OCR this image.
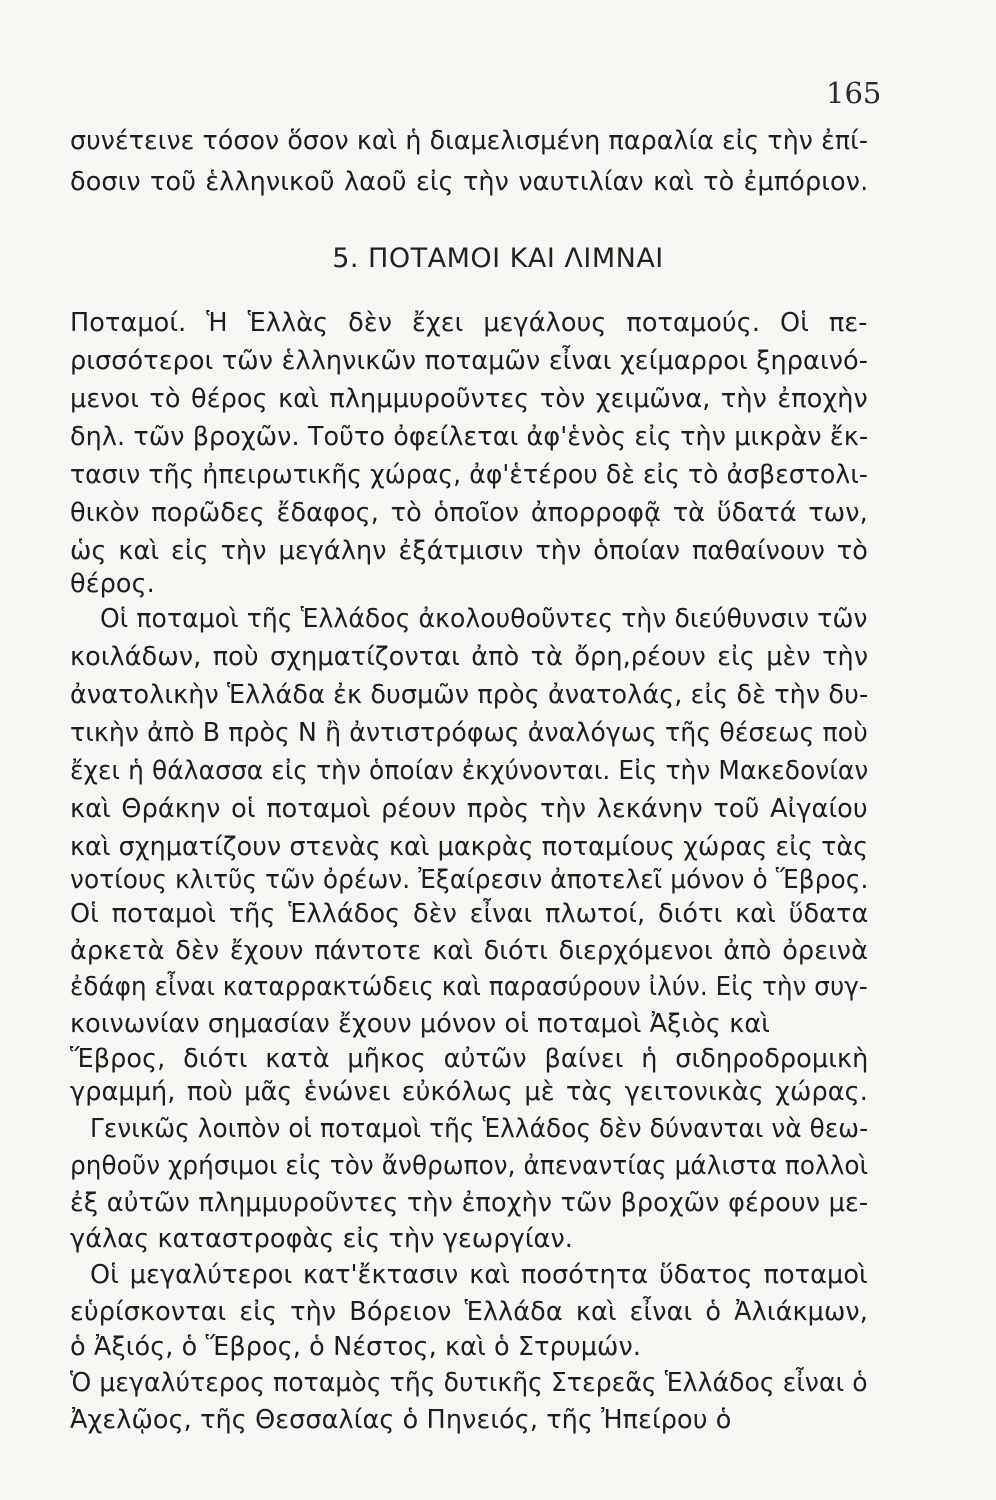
165
συνέτεινε τόσον ὅσον καὶ ἡ διαμελισμένη παραλία εἰς τὴν ἐπί-
δοσιν τοῦ ἑλληνικοῦ λαοῦ εἰς τὴν ναυτιλίαν καὶ τὸ ἐμπόριον.
5. ΠΟΤΑΜΟΙ ΚΑΙ ΛΙΜΝΑΙ
Ποταμοί. Ἡ Ἑλλὰς δὲν ἔχει μεγάλους ποταμούς. Οἱ πε-
ρισσότεροι τῶν ἑλληνικῶν ποταμῶν εἶναι χείμαρροι ξηραινό-
μενοι τὸ θέρος καὶ πλημμυροῦντες τὸν χειμῶνα, τὴν ἐποχὴν
δηλ. τῶν βροχῶν. Τοῦτο ὀφείλεται ἀφ'ἑνὸς εἰς τὴν μικρὰν ἔκ-
τασιν τῆς ἠπειρωτικῆς χώρας, ἀφ'ἑτέρου δὲ εἰς τὸ ἀσβεστολι-
θικὸν πορῶδες ἔδαφος, τὸ ὁποῖον ἀπορροφᾷ τὰ ὕδατά των,
ὡς καὶ εἰς τὴν μεγάλην ἐξάτμισιν τὴν ὁποίαν παθαίνουν τὸ
θέρος.
Οἱ ποταμοὶ τῆς Ἑλλάδος ἀκολουθοῦντες τὴν διεύθυνσιν τῶν
κοιλάδων, ποὺ σχηματίζονται ἀπὸ τὰ ὄρη,ρέουν εἰς μὲν τὴν
ἀνατολικὴν Ἑλλάδα ἐκ δυσμῶν πρὸς ἀνατολάς, εἰς δὲ τὴν δυ-
τικὴν ἀπὸ Β πρὸς Ν ἢ ἀντιστρόφως ἀναλόγως τῆς θέσεως ποὺ
ἔχει ἡ θάλασσα εἰς τὴν ὁποίαν ἐκχύνονται. Εἰς τὴν Μακεδονίαν
καὶ Θράκην οἱ ποταμοὶ ρέουν πρὸς τὴν λεκάνην τοῦ Αἰγαίου
καὶ σχηματίζουν στενὰς καὶ μακρὰς ποταμίους χώρας εἰς τὰς
νοτίους κλιτῦς τῶν ὀρέων. Ἐξαίρεσιν ἀποτελεῖ μόνον ὁ Ἕβρος.
Οἱ ποταμοὶ τῆς Ἑλλάδος δὲν εἶναι πλωτοί, διότι καὶ ὕδατα
ἀρκετὰ δὲν ἔχουν πάντοτε καὶ διότι διερχόμενοι ἀπὸ ὀρεινὰ
ἐδάφη εἶναι καταρρακτώδεις καὶ παρασύρουν ἰλύν. Εἰς τὴν συγ-
κοινωνίαν σημασίαν ἔχουν μόνον οἱ ποταμοὶ Ἀξιὸς καὶ
Ἕβρος, διότι κατὰ μῆκος αὐτῶν βαίνει ἡ σιδηροδρομικὴ
γραμμή, ποὺ μᾶς ἑνώνει εὐκόλως μὲ τὰς γειτονικὰς χώρας.
Γενικῶς λοιπὸν οἱ ποταμοὶ τῆς Ἑλλάδος δὲν δύνανται νὰ θεω-
ρηθοῦν χρήσιμοι εἰς τὸν ἄνθρωπον, ἀπεναντίας μάλιστα πολλοὶ
ἐξ αὐτῶν πλημμυροῦντες τὴν ἐποχὴν τῶν βροχῶν φέρουν με-
γάλας καταστροφὰς εἰς τὴν γεωργίαν.
Οἱ μεγαλύτεροι κατ'ἔκτασιν καὶ ποσότητα ὕδατος ποταμοὶ
εὑρίσκονται εἰς τὴν Βόρειον Ἑλλάδα καὶ εἶναι ὁ Ἀλιάκμων,
ὁ Ἀξιός, ὁ Ἕβρος, ὁ Νέστος, καὶ ὁ Στρυμών.
Ὁ μεγαλύτερος ποταμὸς τῆς δυτικῆς Στερεᾶς Ἑλλάδος εἶναι ὁ
Ἀχελῷος, τῆς Θεσσαλίας ὁ Πηνειός, τῆς Ἠπείρου ὁ
